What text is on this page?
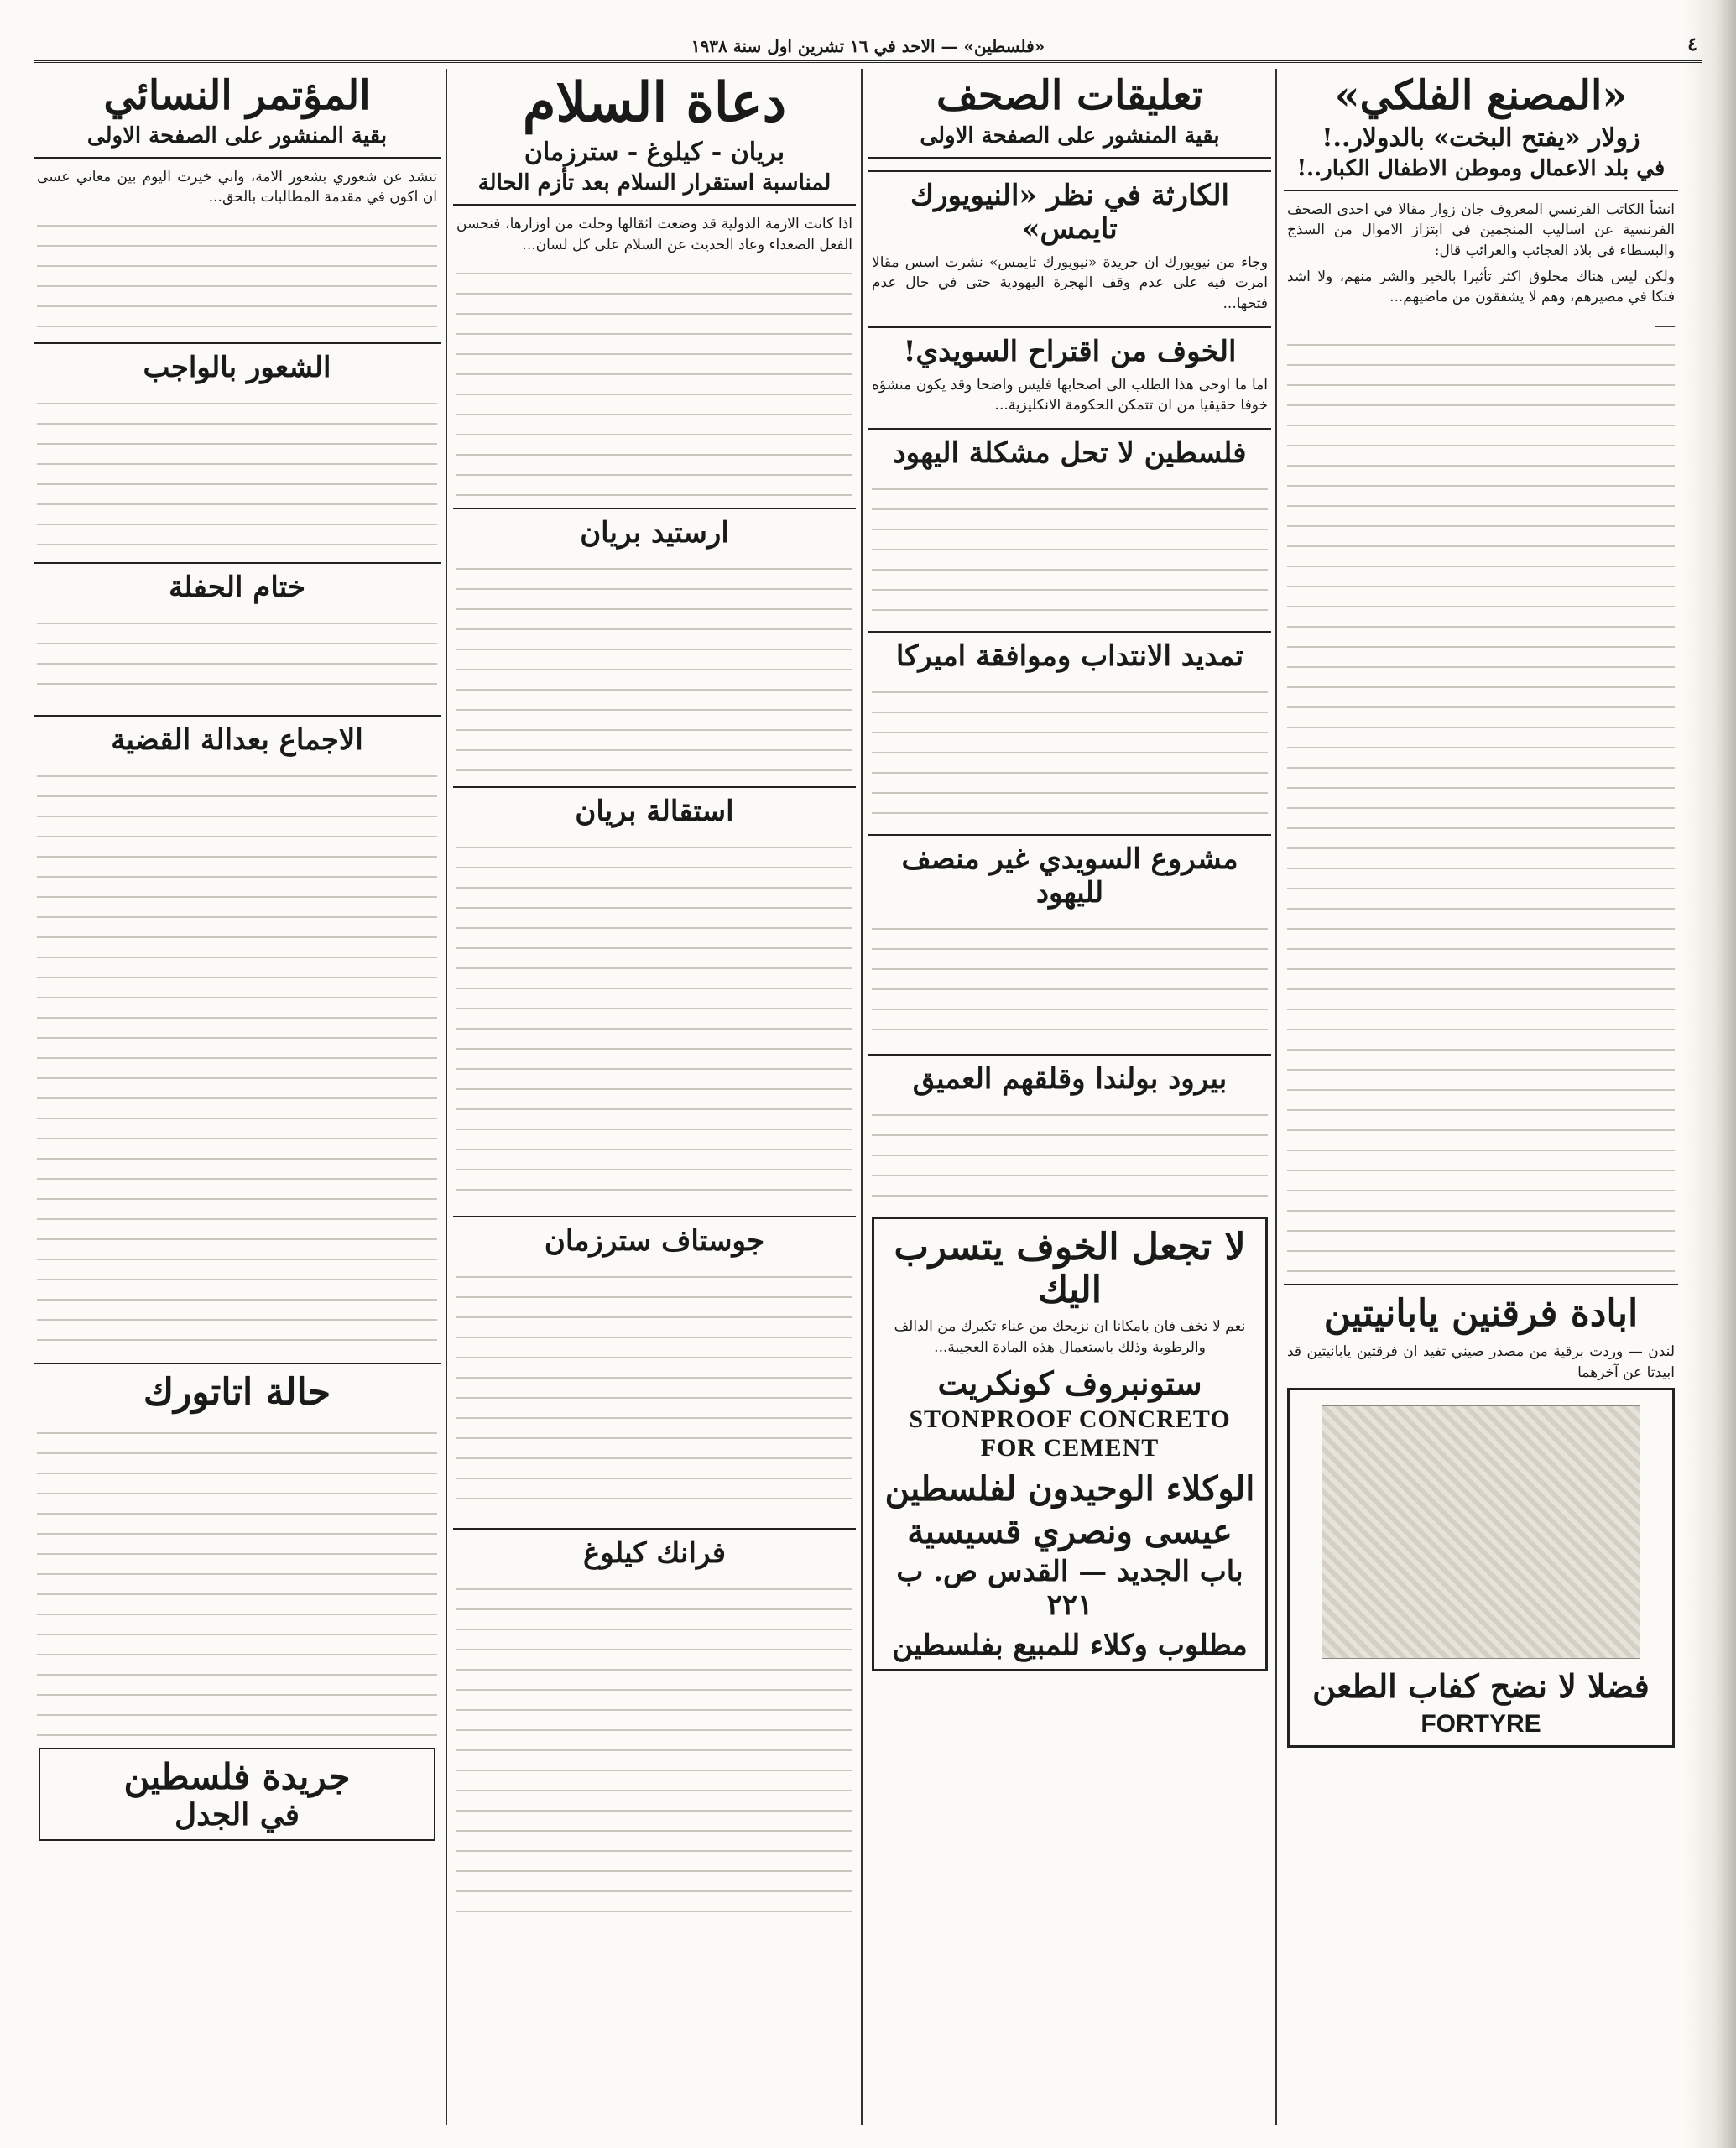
٤
«فلسطين» — الاحد في ١٦ تشرين اول سنة ١٩٣٨
«المصنع الفلكي»
زولار «يفتح البخت» بالدولار..!
في بلد الاعمال وموطن الاطفال الكبار..!

انشأ الكاتب الفرنسي المعروف جان زوار مقالا في احدى الصحف الفرنسية عن اساليب المنجمين في ابتزاز الاموال من السذج والبسطاء في بلاد العجائب والغرائب قال:

ولكن ليس هناك مخلوق اكثر تأثيرا بالخير والشر منهم، ولا اشد فتكا في مصيرهم، وهم لا يشفقون من ماضيهم...

ـــــ

ابادة فرقنين يابانيتين

لندن — وردت برقية من مصدر صيني تفيد ان فرقتين يابانيتين قد ابيدتا عن آخرهما

فضلا لا نضح كفاب الطعن
FORTYRE
تعليقات الصحف
بقية المنشور على الصفحة الاولى
الكارثة في نظر «النيويورك تايمس»

وجاء من نيويورك ان جريدة «نيويورك تايمس» نشرت اسس مقالا امرت فيه على عدم وقف الهجرة اليهودية حتى في حال عدم فتحها...

الخوف من اقتراح السويدي!

اما ما اوحى هذا الطلب الى اصحابها فليس واضحا وقد يكون منشؤه خوفا حقيقيا من ان تتمكن الحكومة الانكليزية...

فلسطين لا تحل مشكلة اليهود
تمديد الانتداب وموافقة اميركا
مشروع السويدي غير منصف لليهود
بيرود بولندا وقلقهم العميق
لا تجعل الخوف يتسرب اليك
نعم لا تخف فان بامكانا ان نزيحك من عناء تكبرك من الدالف والرطوبة وذلك باستعمال هذه المادة العجيبة...
ستونبروف كونكريت
STONPROOF CONCRETO FOR CEMENT
الوكلاء الوحيدون لفلسطين
عيسى ونصري قسيسية
باب الجديد — القدس ص. ب ٢٢١
مطلوب وكلاء للمبيع بفلسطين
دعاة السلام
بريان - كيلوغ - سترزمان
لمناسبة استقرار السلام بعد تأزم الحالة

اذا كانت الازمة الدولية قد وضعت اثقالها وحلت من اوزارها، فنحسن الفعل الصعداء وعاد الحديث عن السلام على كل لسان...

ارستيد بريان
استقالة بريان
جوستاف سترزمان
فرانك كيلوغ
المؤتمر النسائي
بقية المنشور على الصفحة الاولى

تنشد عن شعوري بشعور الامة، واني خيرت اليوم بين معاني عسى ان اكون في مقدمة المطالبات بالحق...

الشعور بالواجب
ختام الحفلة
الاجماع بعدالة القضية
حالة اتاتورك
جريدة فلسطين
في الجدل
